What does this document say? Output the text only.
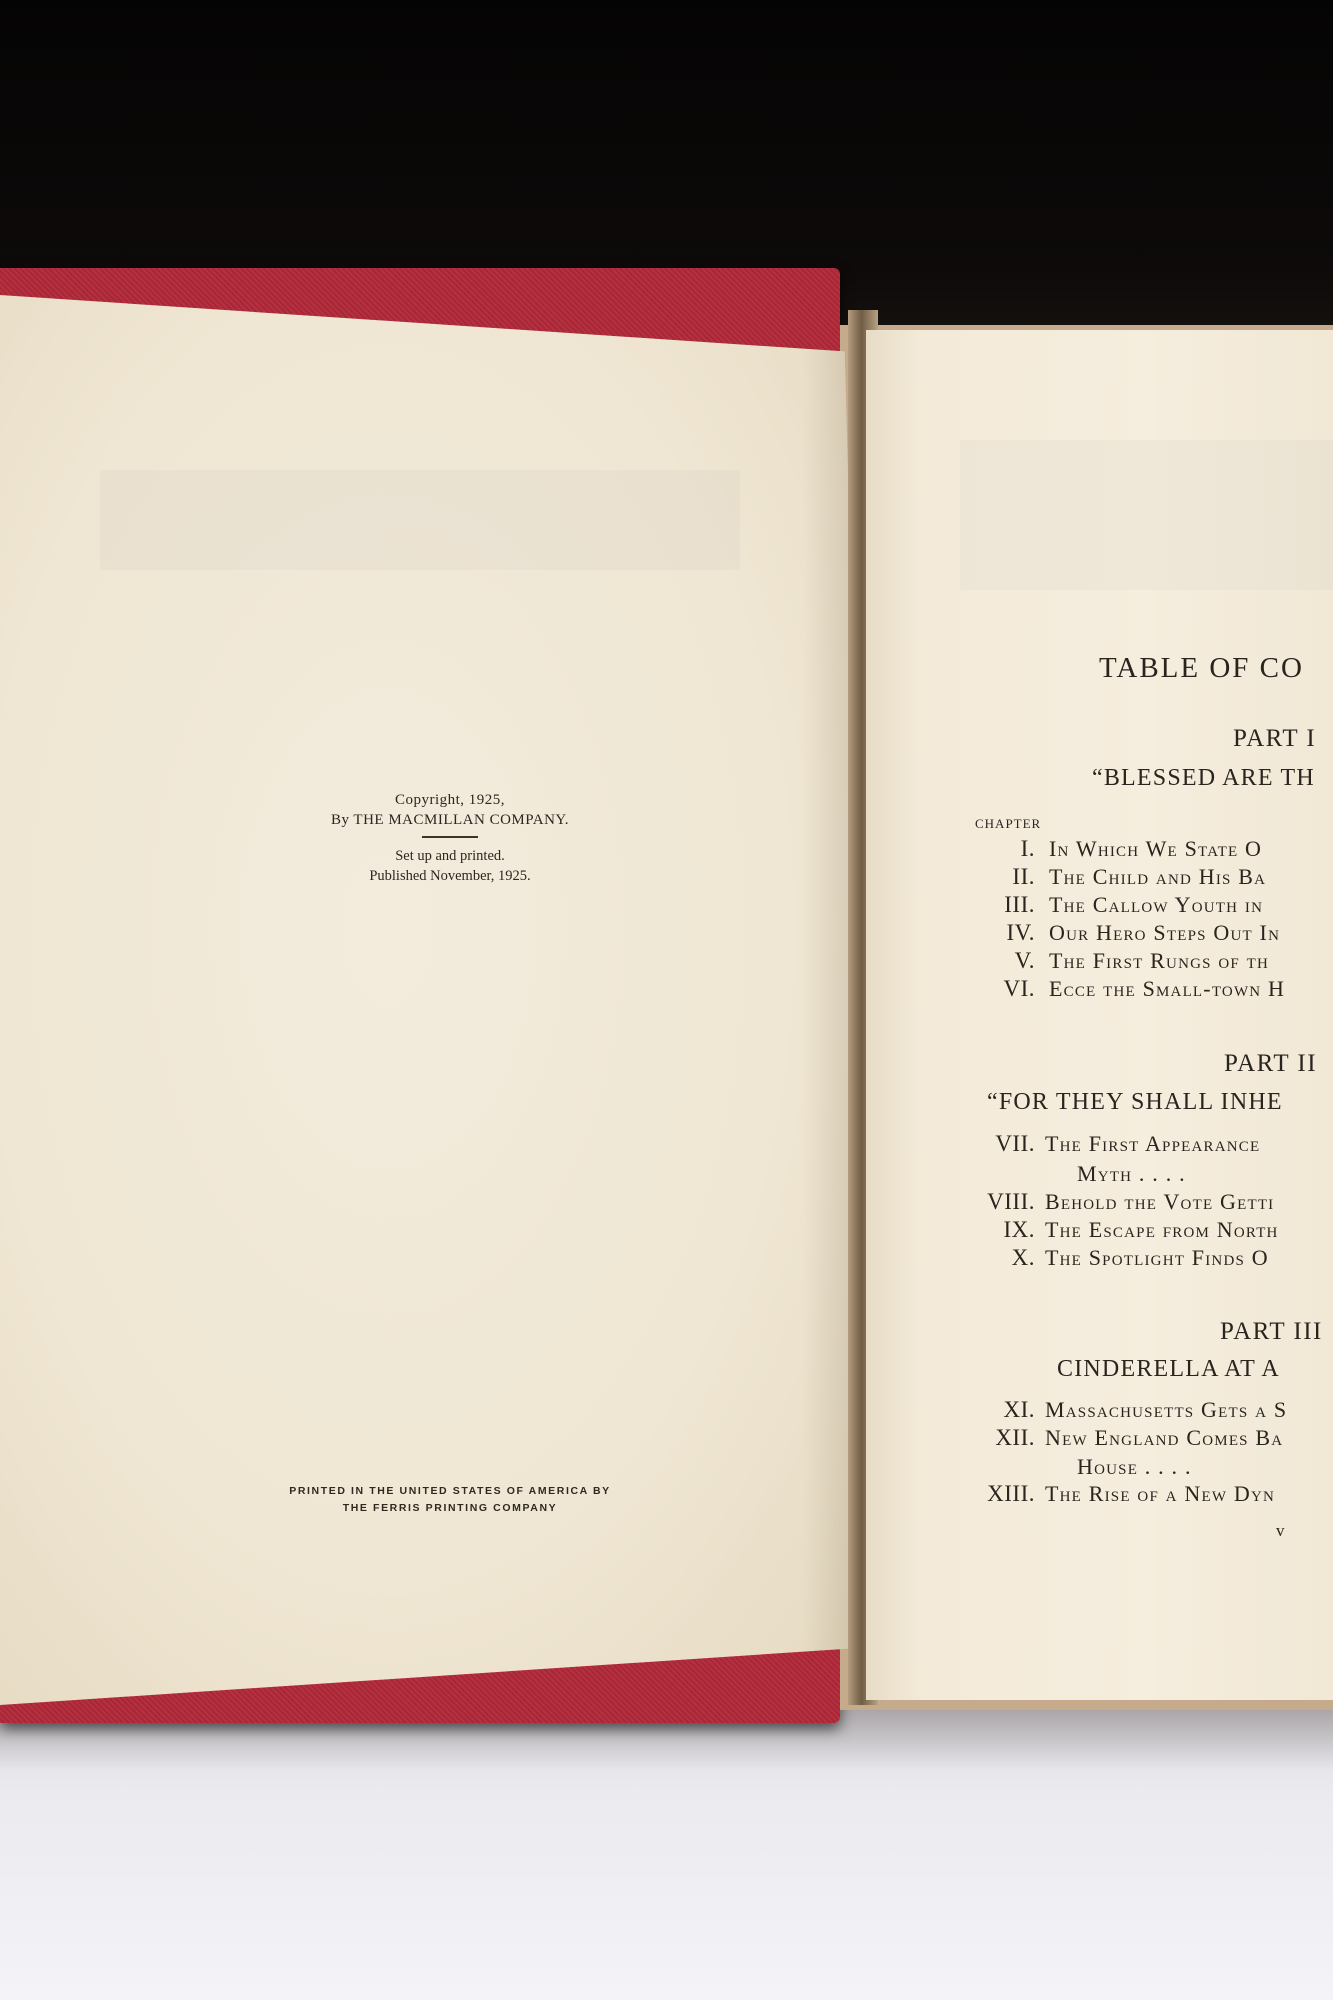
Copyright, 1925,
By THE MACMILLAN COMPANY.
Set up and printed.
Published November, 1925.
PRINTED IN THE UNITED STATES OF AMERICA BY
THE FERRIS PRINTING COMPANY
TABLE OF CO
PART I
“BLESSED ARE TH
CHAPTER
I. In Which We State O
II. The Child and His Ba
III. The Callow Youth in
IV. Our Hero Steps Out In
V. The First Rungs of th
VI. Ecce the Small-town H
PART II
“FOR THEY SHALL INHE
VII. The First Appearance
Myth . . . .
VIII. Behold the Vote Getti
IX. The Escape from North
X. The Spotlight Finds O
PART III
CINDERELLA AT A
XI. Massachusetts Gets a S
XII. New England Comes Ba
House . . . .
XIII. The Rise of a New Dyn
v
